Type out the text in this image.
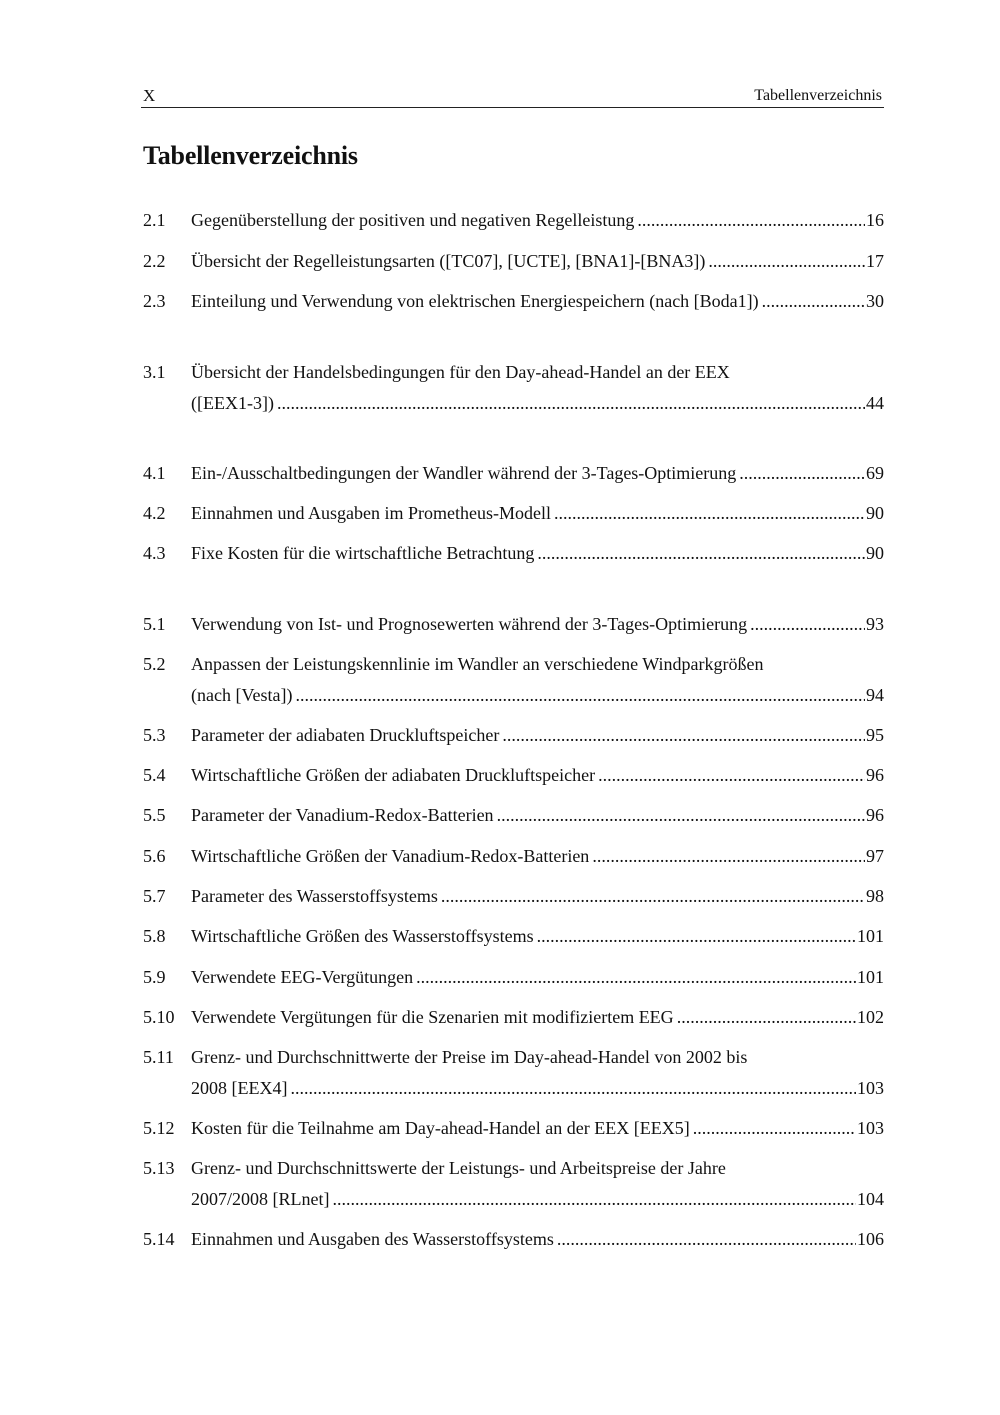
X	Tabellenverzeichnis
Tabellenverzeichnis
2.1 Gegenüberstellung der positiven und negativen Regelleistung .....	16
2.2 Übersicht der Regelleistungsarten ([TC07], [UCTE], [BNA1]-[BNA3]) .....	17
2.3 Einteilung und Verwendung von elektrischen Energiespeichern (nach [Boda1]) .....	30
3.1 Übersicht der Handelsbedingungen für den Day-ahead-Handel an der EEX
([EEX1-3]) .....	44
4.1 Ein-/Ausschaltbedingungen der Wandler während der 3-Tages-Optimierung .....	69
4.2 Einnahmen und Ausgaben im Prometheus-Modell .....	90
4.3 Fixe Kosten für die wirtschaftliche Betrachtung .....	90
5.1 Verwendung von Ist- und Prognosewerten während der 3-Tages-Optimierung .....	93
5.2 Anpassen der Leistungskennlinie im Wandler an verschiedene Windparkgrößen
(nach [Vesta]) .....	94
5.3 Parameter der adiabaten Druckluftspeicher .....	95
5.4 Wirtschaftliche Größen der adiabaten Druckluftspeicher .....	96
5.5 Parameter der Vanadium-Redox-Batterien .....	96
5.6 Wirtschaftliche Größen der Vanadium-Redox-Batterien .....	97
5.7 Parameter des Wasserstoffsystems .....	98
5.8 Wirtschaftliche Größen des Wasserstoffsystems .....	101
5.9 Verwendete EEG-Vergütungen .....	101
5.10 Verwendete Vergütungen für die Szenarien mit modifiziertem EEG .....	102
5.11 Grenz- und Durchschnittwerte der Preise im Day-ahead-Handel von 2002 bis
2008 [EEX4] .....	103
5.12 Kosten für die Teilnahme am Day-ahead-Handel an der EEX [EEX5] .....	103
5.13 Grenz- und Durchschnittswerte der Leistungs- und Arbeitspreise der Jahre
2007/2008 [RLnet] .....	104
5.14 Einnahmen und Ausgaben des Wasserstoffsystems .....	106
